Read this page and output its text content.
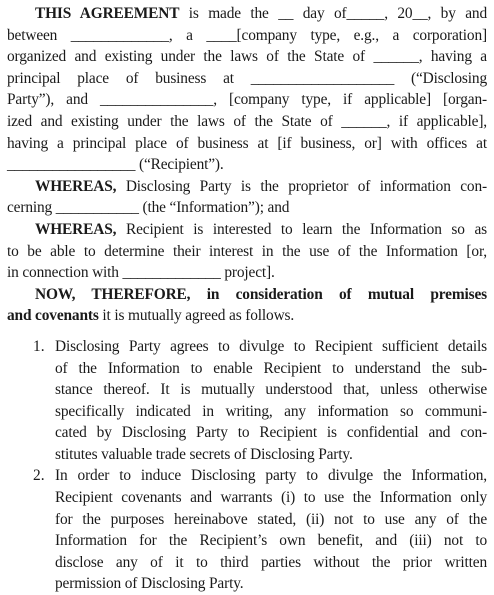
THIS AGREEMENT is made the __ day of_____, 20__, by and
between _____________, a ____[company type, e.g., a corporation]
organized and existing under the laws of the State of ______, having a
principal place of business at ___________________ (“Disclosing
Party”), and _______________, [company type, if applicable] [organ-
ized and existing under the laws of the State of ______, if applicable],
having a principal place of business at [if business, or] with offices at
_________________ (“Recipient”).
WHEREAS, Disclosing Party is the proprietor of information con-
cerning ___________ (the “Information”); and
WHEREAS, Recipient is interested to learn the Information so as
to be able to determine their interest in the use of the Information [or,
in connection with _____________ project].
NOW, THEREFORE, in consideration of mutual premises
and covenants it is mutually agreed as follows.
1. Disclosing Party agrees to divulge to Recipient sufficient details
of the Information to enable Recipient to understand the sub-
stance thereof. It is mutually understood that, unless otherwise
specifically indicated in writing, any information so communi-
cated by Disclosing Party to Recipient is confidential and con-
stitutes valuable trade secrets of Disclosing Party.
2. In order to induce Disclosing party to divulge the Information,
Recipient covenants and warrants (i) to use the Information only
for the purposes hereinabove stated, (ii) not to use any of the
Information for the Recipient’s own benefit, and (iii) not to
disclose any of it to third parties without the prior written
permission of Disclosing Party.
